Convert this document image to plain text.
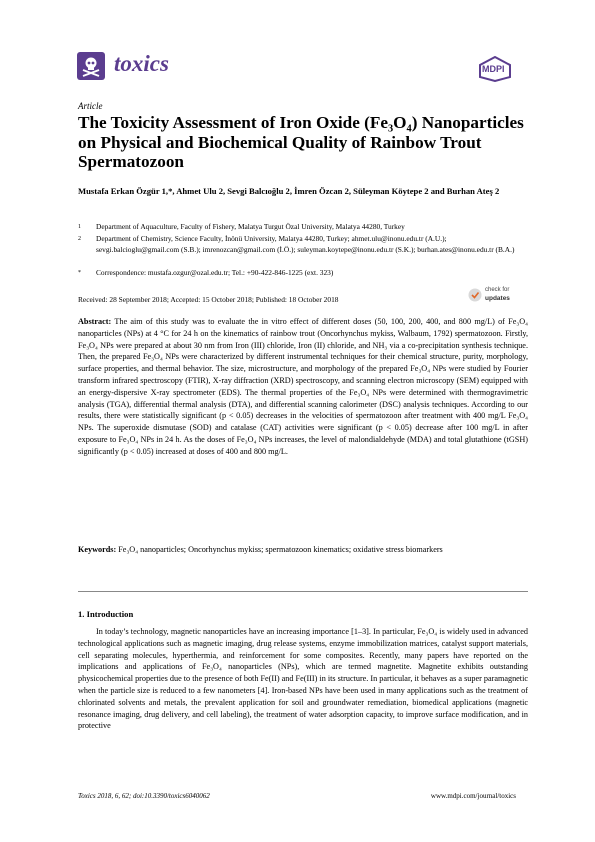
toxics	MDPI
Article
The Toxicity Assessment of Iron Oxide (Fe₃O₄) Nanoparticles on Physical and Biochemical Quality of Rainbow Trout Spermatozoon
Mustafa Erkan Özgür 1,*, Ahmet Ulu 2, Sevgi Balcıoğlu 2, İmren Özcan 2, Süleyman Köytepe 2 and Burhan Ateş 2
1	Department of Aquaculture, Faculty of Fishery, Malatya Turgut Özal University, Malatya 44280, Turkey
2	Department of Chemistry, Science Faculty, İnönü University, Malatya 44280, Turkey; ahmet.ulu@inonu.edu.tr (A.U.); sevgi.balcioglu@gmail.com (S.B.); imrenozcan@gmail.com (İ.Ö.); suleyman.koytepe@inonu.edu.tr (S.K.); burhan.ates@inonu.edu.tr (B.A.)
*	Correspondence: mustafa.ozgur@ozal.edu.tr; Tel.: +90-422-846-1225 (ext. 323)
Received: 28 September 2018; Accepted: 15 October 2018; Published: 18 October 2018
check for
updates
Abstract: The aim of this study was to evaluate the in vitro effect of different doses (50, 100, 200, 400, and 800 mg/L) of Fe₃O₄ nanoparticles (NPs) at 4 °C for 24 h on the kinematics of rainbow trout (Oncorhynchus mykiss, Walbaum, 1792) spermatozoon. Firstly, Fe₃O₄ NPs were prepared at about 30 nm from Iron (III) chloride, Iron (II) chloride, and NH₃ via a co-precipitation synthesis technique. Then, the prepared Fe₃O₄ NPs were characterized by different instrumental techniques for their chemical structure, purity, morphology, surface properties, and thermal behavior. The size, microstructure, and morphology of the prepared Fe₃O₄ NPs were studied by Fourier transform infrared spectroscopy (FTIR), X-ray diffraction (XRD) spectroscopy, and scanning electron microscopy (SEM) equipped with an energy-dispersive X-ray spectrometer (EDS). The thermal properties of the Fe₃O₄ NPs were determined with thermogravimetric analysis (TGA), differential thermal analysis (DTA), and differential scanning calorimeter (DSC) analysis techniques. According to our results, there were statistically significant (p < 0.05) decreases in the velocities of spermatozoon after treatment with 400 mg/L Fe₃O₄ NPs. The superoxide dismutase (SOD) and catalase (CAT) activities were significant (p < 0.05) decrease after 100 mg/L in after exposure to Fe₃O₄ NPs in 24 h. As the doses of Fe₃O₄ NPs increases, the level of malondialdehyde (MDA) and total glutathione (tGSH) significantly (p < 0.05) increased at doses of 400 and 800 mg/L.
Keywords: Fe₃O₄ nanoparticles; Oncorhynchus mykiss; spermatozoon kinematics; oxidative stress biomarkers
1. Introduction
In today’s technology, magnetic nanoparticles have an increasing importance [1–3]. In particular, Fe₃O₄ is widely used in advanced technological applications such as magnetic imaging, drug release systems, enzyme immobilization matrices, catalyst support materials, cell separating molecules, hyperthermia, and reinforcement for some composites. Recently, many papers have reported on the implications and applications of Fe₃O₄ nanoparticles (NPs), which are termed magnetite. Magnetite exhibits outstanding physicochemical properties due to the presence of both Fe(II) and Fe(III) in its structure. In particular, it behaves as a super paramagnetic when the particle size is reduced to a few nanometers [4]. Iron-based NPs have been used in many applications such as the treatment of chlorinated solvents and metals, the prevalent application for soil and groundwater remediation, biomedical applications (magnetic resonance imaging, drug delivery, and cell labeling), the treatment of water adsorption capacity, to improve surface modification, and in protective
Toxics 2018, 6, 62; doi:10.3390/toxics6040062	www.mdpi.com/journal/toxics
